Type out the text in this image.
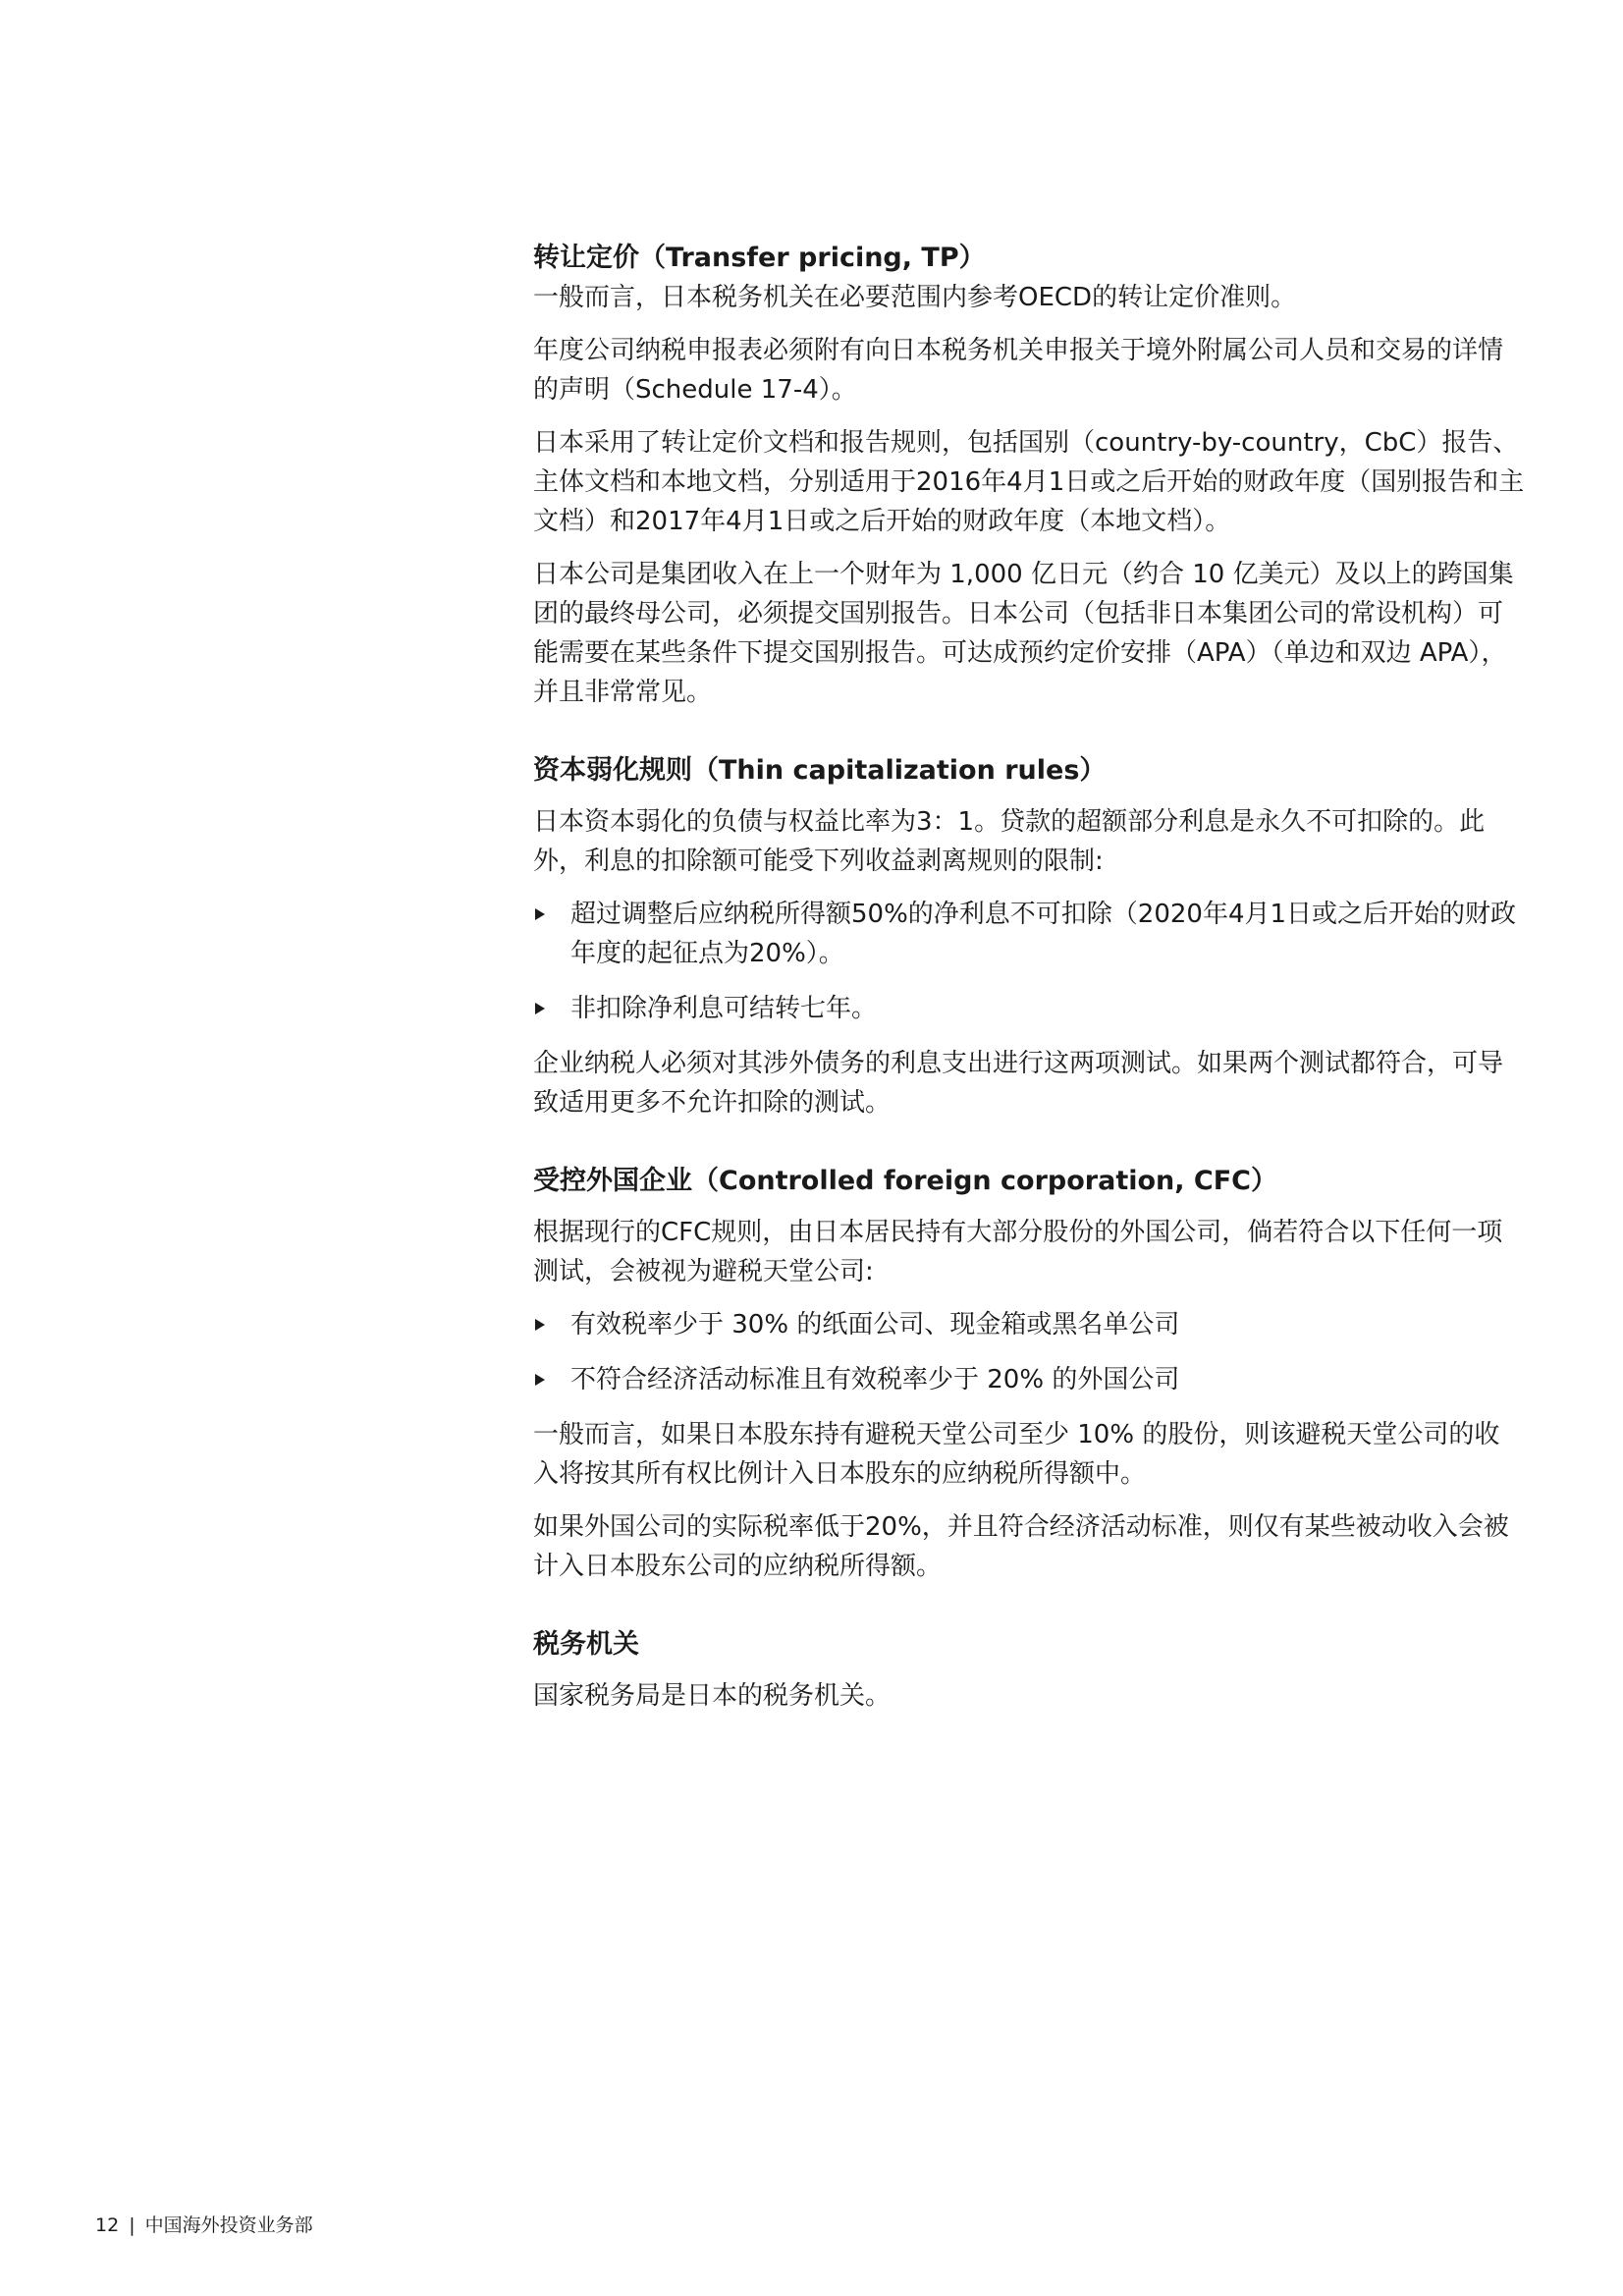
转让定价（Transfer pricing, TP）

一般而言，日本税务机关在必要范围内参考OECD的转让定价准则。

年度公司纳税申报表必须附有向日本税务机关申报关于境外附属公司人员和交易的详情的声明（Schedule 17-4）。

日本采用了转让定价文档和报告规则，包括国别（country-by-country，CbC）报告、主体文档和本地文档，分别适用于2016年4月1日或之后开始的财政年度（国别报告和主文档）和2017年4月1日或之后开始的财政年度（本地文档）。

日本公司是集团收入在上一个财年为 1,000 亿日元（约合 10 亿美元）及以上的跨国集团的最终母公司，必须提交国别报告。日本公司（包括非日本集团公司的常设机构）可能需要在某些条件下提交国别报告。可达成预约定价安排（APA）（单边和双边 APA），并且非常常见。

资本弱化规则（Thin capitalization rules）

日本资本弱化的负债与权益比率为3：1。贷款的超额部分利息是永久不可扣除的。此外，利息的扣除额可能受下列收益剥离规则的限制:

超过调整后应纳税所得额50%的净利息不可扣除（2020年4月1日或之后开始的财政年度的起征点为20%）。
非扣除净利息可结转七年。

企业纳税人必须对其涉外债务的利息支出进行这两项测试。如果两个测试都符合，可导致适用更多不允许扣除的测试。

受控外国企业（Controlled foreign corporation, CFC）

根据现行的CFC规则，由日本居民持有大部分股份的外国公司，倘若符合以下任何一项测试，会被视为避税天堂公司:

有效税率少于 30% 的纸面公司、现金箱或黑名单公司
不符合经济活动标准且有效税率少于 20% 的外国公司

一般而言，如果日本股东持有避税天堂公司至少 10% 的股份，则该避税天堂公司的收入将按其所有权比例计入日本股东的应纳税所得额中。

如果外国公司的实际税率低于20%，并且符合经济活动标准，则仅有某些被动收入会被计入日本股东公司的应纳税所得额。

税务机关

国家税务局是日本的税务机关。

12 | 中国海外投资业务部
